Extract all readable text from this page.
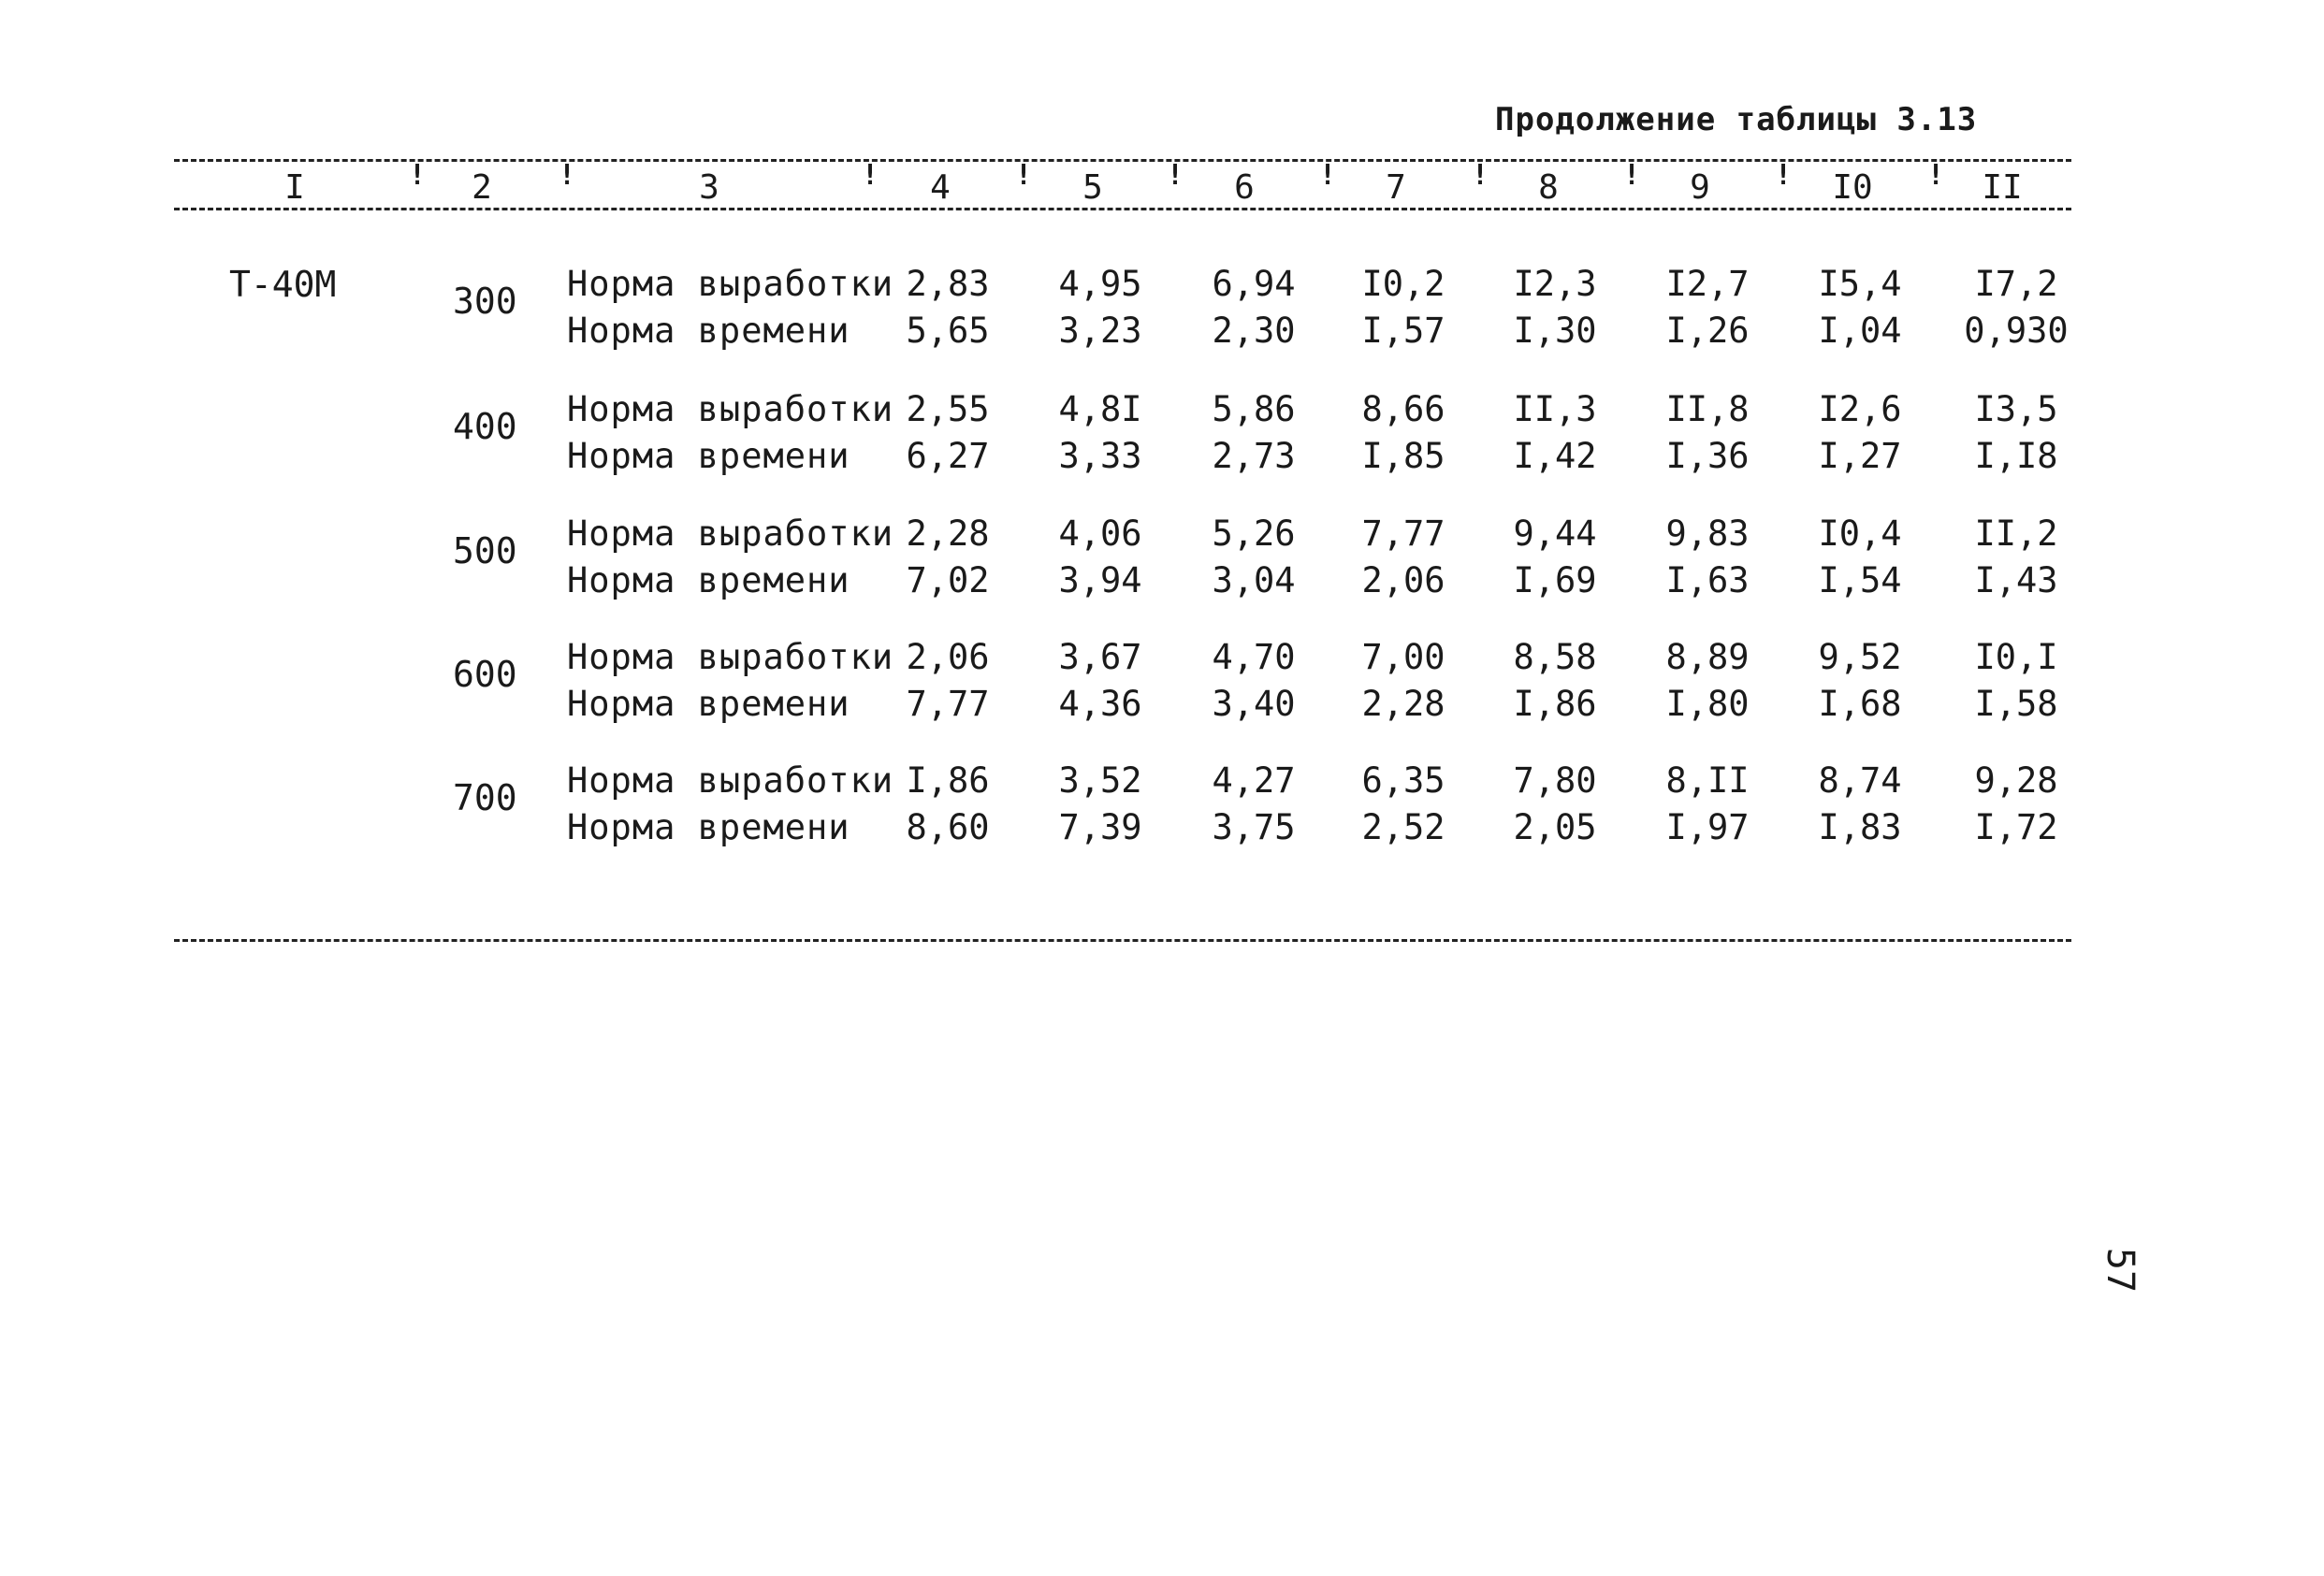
Продолжение таблицы 3.13
I	2	3	4	5	6	7	8	9	I0	II
!	!	!	!	!	!	!	!	!	!
Т-40М	300 Норма выработки 2,83	4,95	6,94	I0,2	I2,3	I2,7	I5,4	I7,2
Норма времени	5,65	3,23	2,30	I,57	I,30	I,26	I,04	0,930
400 Норма выработки 2,55	4,8I	5,86	8,66	II,3	II,8	I2,6	I3,5
Норма времени	6,27	3,33	2,73	I,85	I,42	I,36	I,27	I,I8
500 Норма выработки 2,28	4,06	5,26	7,77	9,44	9,83	I0,4	II,2
Норма времени	7,02	3,94	3,04	2,06	I,69	I,63	I,54	I,43
600 Норма выработки 2,06	3,67	4,70	7,00	8,58	8,89	9,52	I0,I
Норма времени	7,77	4,36	3,40	2,28	I,86	I,80	I,68	I,58
700 Норма выработки I,86	3,52	4,27	6,35	7,80	8,II	8,74	9,28
Норма времени	8,60	7,39	3,75	2,52	2,05	I,97	I,83	I,72
57
